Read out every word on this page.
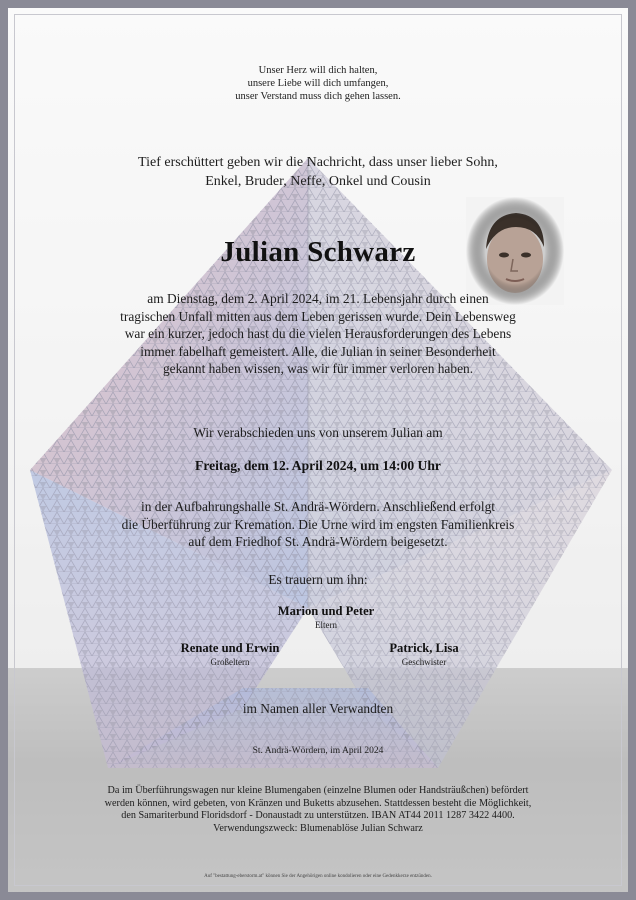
Unser Herz will dich halten,
unsere Liebe will dich umfangen,
unser Verstand muss dich gehen lassen.
Tief erschüttert geben wir die Nachricht, dass unser lieber Sohn,
Enkel, Bruder, Neffe, Onkel und Cousin
Julian Schwarz
am Dienstag, dem 2. April 2024, im 21. Lebensjahr durch einen
tragischen Unfall mitten aus dem Leben gerissen wurde. Dein Lebensweg
war ein kurzer, jedoch hast du die vielen Herausforderungen des Lebens
immer fabelhaft gemeistert. Alle, die Julian in seiner Besonderheit
gekannt haben wissen, was wir für immer verloren haben.
Wir verabschieden uns von unserem Julian am
Freitag, dem 12. April 2024, um 14:00 Uhr
in der Aufbahrungshalle St. Andrä-Wördern. Anschließend erfolgt
die Überführung zur Kremation. Die Urne wird im engsten Familienkreis
auf dem Friedhof St. Andrä-Wördern beigesetzt.
Es trauern um ihn:
Marion und Peter
Eltern
Renate und Erwin
Großeltern
Patrick, Lisa
Geschwister
im Namen aller Verwandten
St. Andrä-Wördern, im April 2024
Da im Überführungswagen nur kleine Blumengaben (einzelne Blumen oder Handsträußchen) befördert
werden können, wird gebeten, von Kränzen und Buketts abzusehen. Stattdessen besteht die Möglichkeit,
den Samariterbund Floridsdorf - Donaustadt zu unterstützen. IBAN AT44 2011 1287 3422 4400.
Verwendungszweck: Blumenablöse Julian Schwarz
Auf "bestattung-eberstorm.at" können Sie der Angehörigen online kondolieren oder eine Gedenkkerze entzünden.
